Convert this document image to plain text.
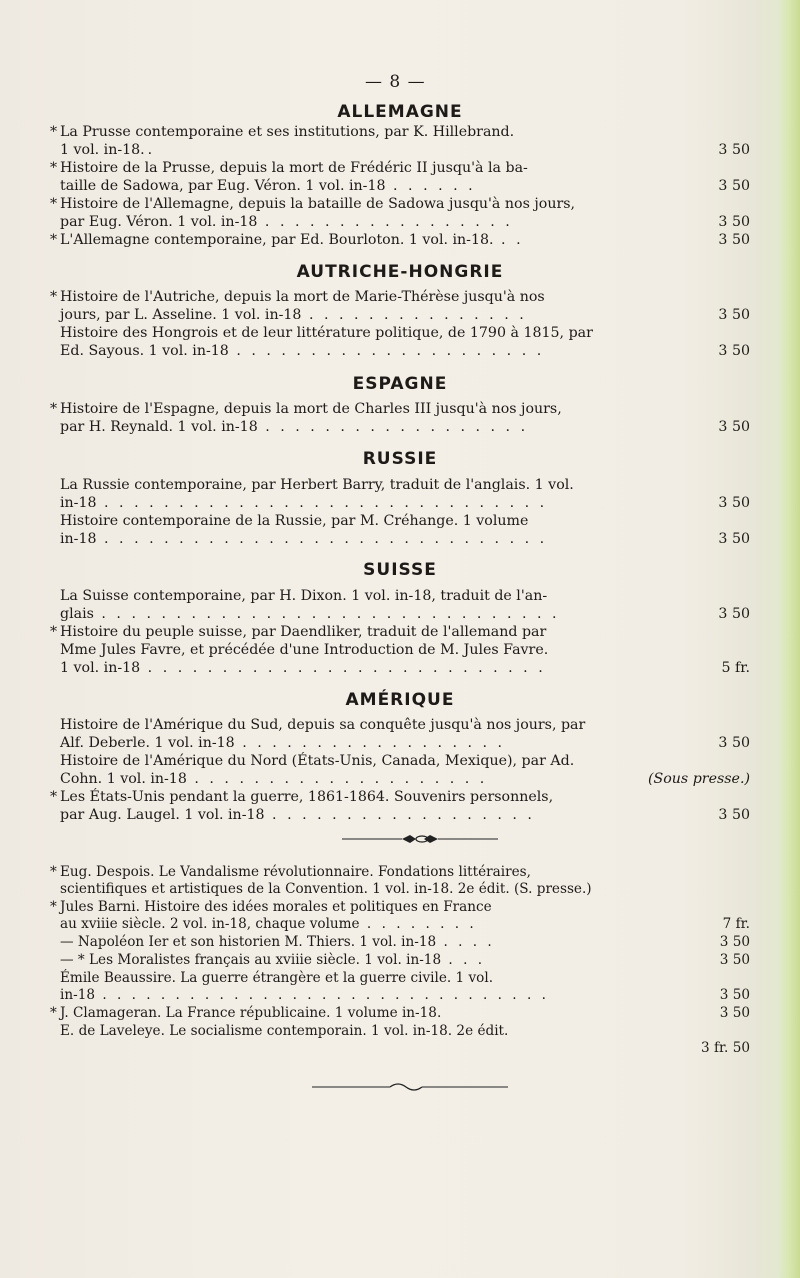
— 8 —
ALLEMAGNE

* La Prusse contemporaine et ses institutions, par K. Hillebrand.

1 vol. in-18..	3 50

* Histoire de la Prusse, depuis la mort de Frédéric II jusqu'à la ba-

taille de Sadowa, par Eug. Véron. 1 vol. in-18 . . . . . .	3 50

* Histoire de l'Allemagne, depuis la bataille de Sadowa jusqu'à nos jours,

par Eug. Véron. 1 vol. in-18 . . . . . . . . . . . . . . . . .	3 50

* L'Allemagne contemporaine, par Ed. Bourloton. 1 vol. in-18. . .	3 50

AUTRICHE-HONGRIE

* Histoire de l'Autriche, depuis la mort de Marie-Thérèse jusqu'à nos

jours, par L. Asseline. 1 vol. in-18 . . . . . . . . . . . . . . .	3 50

Histoire des Hongrois et de leur littérature politique, de 1790 à 1815, par

Ed. Sayous. 1 vol. in-18 . . . . . . . . . . . . . . . . . . . . .	3 50

ESPAGNE

* Histoire de l'Espagne, depuis la mort de Charles III jusqu'à nos jours,

par H. Reynald. 1 vol. in-18 . . . . . . . . . . . . . . . . . .	3 50

RUSSIE

La Russie contemporaine, par Herbert Barry, traduit de l'anglais. 1 vol.

in-18 . . . . . . . . . . . . . . . . . . . . . . . . . . . . . .	3 50

Histoire contemporaine de la Russie, par M. Créhange. 1 volume

in-18 . . . . . . . . . . . . . . . . . . . . . . . . . . . . . .	3 50

SUISSE

La Suisse contemporaine, par H. Dixon. 1 vol. in-18, traduit de l'an-

glais . . . . . . . . . . . . . . . . . . . . . . . . . . . . . . .	3 50

* Histoire du peuple suisse, par Daendliker, traduit de l'allemand par

Mme Jules Favre, et précédée d'une Introduction de M. Jules Favre.

1 vol. in-18 . . . . . . . . . . . . . . . . . . . . . . . . . . .	5 fr.

AMÉRIQUE

Histoire de l'Amérique du Sud, depuis sa conquête jusqu'à nos jours, par

Alf. Deberle. 1 vol. in-18 . . . . . . . . . . . . . . . . . .	3 50

Histoire de l'Amérique du Nord (États-Unis, Canada, Mexique), par Ad.

Cohn. 1 vol. in-18 . . . . . . . . . . . . . . . . . . . .	(Sous presse.)

* Les États-Unis pendant la guerre, 1861-1864. Souvenirs personnels,

par Aug. Laugel. 1 vol. in-18 . . . . . . . . . . . . . . . . . .	3 50

* Eug. Despois. Le Vandalisme révolutionnaire. Fondations littéraires,

scientifiques et artistiques de la Convention. 1 vol. in-18. 2e édit. (S. presse.)

* Jules Barni. Histoire des idées morales et politiques en France

au xviiie siècle. 2 vol. in-18, chaque volume . . . . . . . .	7 fr.

— Napoléon Ier et son historien M. Thiers. 1 vol. in-18 . . . .	3 50

— * Les Moralistes français au xviiie siècle. 1 vol. in-18 . . .	3 50

Émile Beaussire. La guerre étrangère et la guerre civile. 1 vol.

in-18 . . . . . . . . . . . . . . . . . . . . . . . . . . . . . . .	3 50

* J. Clamageran. La France républicaine. 1 volume in-18.	3 50

E. de Laveleye. Le socialisme contemporain. 1 vol. in-18. 2e édit.

3 fr. 50
